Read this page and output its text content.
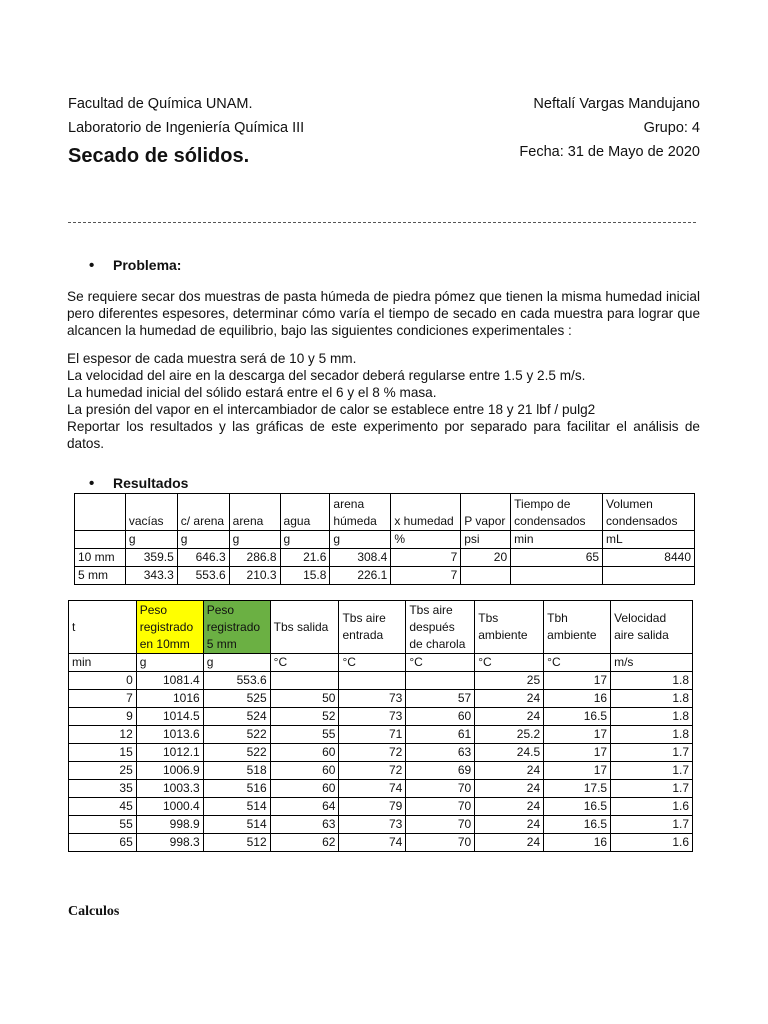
Facultad de Química UNAM.
Laboratorio de Ingeniería Química III
Secado de sólidos.
Neftalí Vargas Mandujano
Grupo: 4
Fecha: 31 de Mayo de 2020
• Problema:

Se requiere secar dos muestras de pasta húmeda de piedra pómez que tienen la misma humedad inicial pero diferentes espesores, determinar cómo varía el tiempo de secado en cada muestra para lograr que alcancen la humedad de equilibrio, bajo las siguientes condiciones experimentales :

El espesor de cada muestra será de 10 y 5 mm.

La velocidad del aire en la descarga del secador deberá regularse entre 1.5 y 2.5 m/s.

La humedad inicial del sólido estará entre el 6 y el 8 % masa.

La presión del vapor en el intercambiador de calor se establece entre 18 y 21 lbf / pulg2

Reportar los resultados y las gráficas de este experimento por separado para facilitar el análisis de datos.

• Resultados
	vacías	c/ arena	arena	agua	arena húmeda	x humedad	P vapor	Tiempo de condensados	Volumen condensados
	g	g	g	g	g	%	psi	min	mL
10 mm	359.5	646.3	286.8	21.6	308.4	7	20	65	8440
5 mm	343.3	553.6	210.3	15.8	226.1	7			
t	Peso registrado en 10mm	Peso registrado 5 mm	Tbs salida	Tbs aire entrada	Tbs aire después de charola	Tbs ambiente	Tbh ambiente	Velocidad aire salida
min	g	g	°C	°C	°C	°C	°C	m/s
0	1081.4	553.6				25	17	1.8
7	1016	525	50	73	57	24	16	1.8
9	1014.5	524	52	73	60	24	16.5	1.8
12	1013.6	522	55	71	61	25.2	17	1.8
15	1012.1	522	60	72	63	24.5	17	1.7
25	1006.9	518	60	72	69	24	17	1.7
35	1003.3	516	60	74	70	24	17.5	1.7
45	1000.4	514	64	79	70	24	16.5	1.6
55	998.9	514	63	73	70	24	16.5	1.7
65	998.3	512	62	74	70	24	16	1.6
Calculos
